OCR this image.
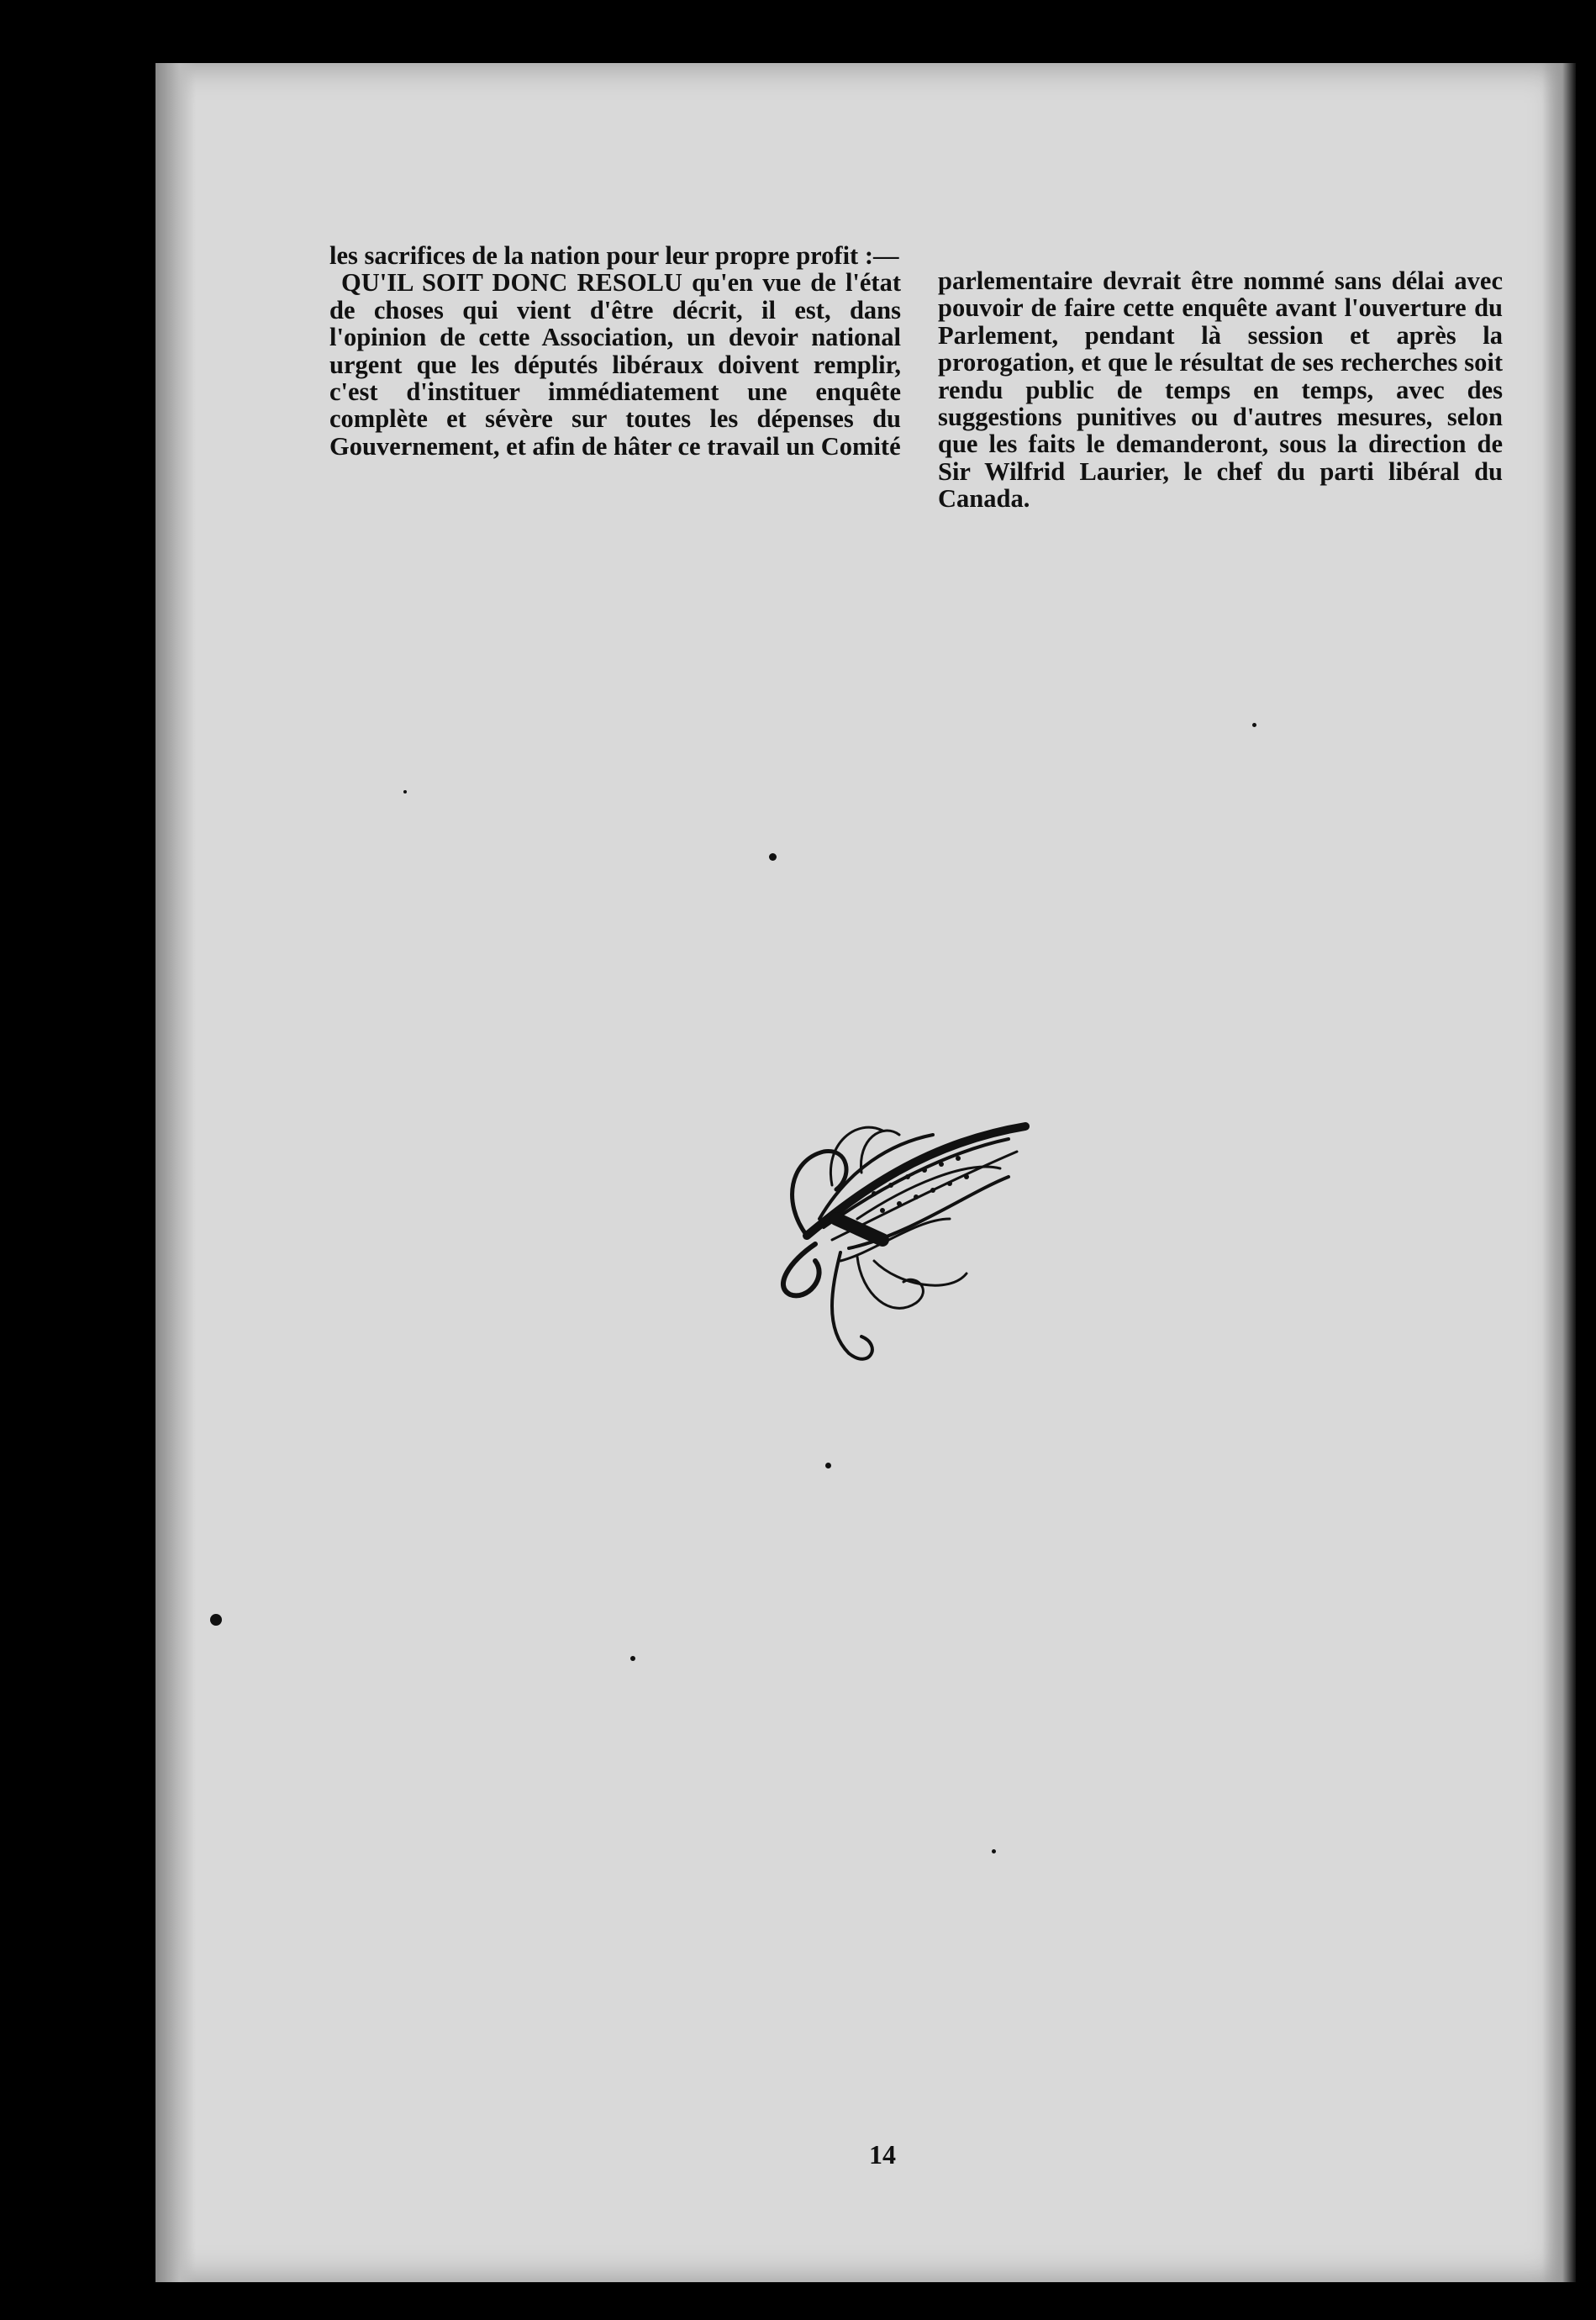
les sacrifices de la nation pour leur propre profit :—

QU'IL SOIT DONC RESOLU qu'en vue de l'état de choses qui vient d'être décrit, il est, dans l'opinion de cette Association, un devoir national urgent que les députés libéraux doivent remplir, c'est d'instituer immédiatement une enquête complète et sévère sur toutes les dépenses du Gouvernement, et afin de hâter ce travail un Comité

parlementaire devrait être nommé sans délai avec pouvoir de faire cette enquête avant l'ouverture du Parlement, pendant là session et après la prorogation, et que le résultat de ses recherches soit rendu public de temps en temps, avec des suggestions punitives ou d'autres mesures, selon que les faits le demanderont, sous la direction de Sir Wilfrid Laurier, le chef du parti libéral du Canada.

14
